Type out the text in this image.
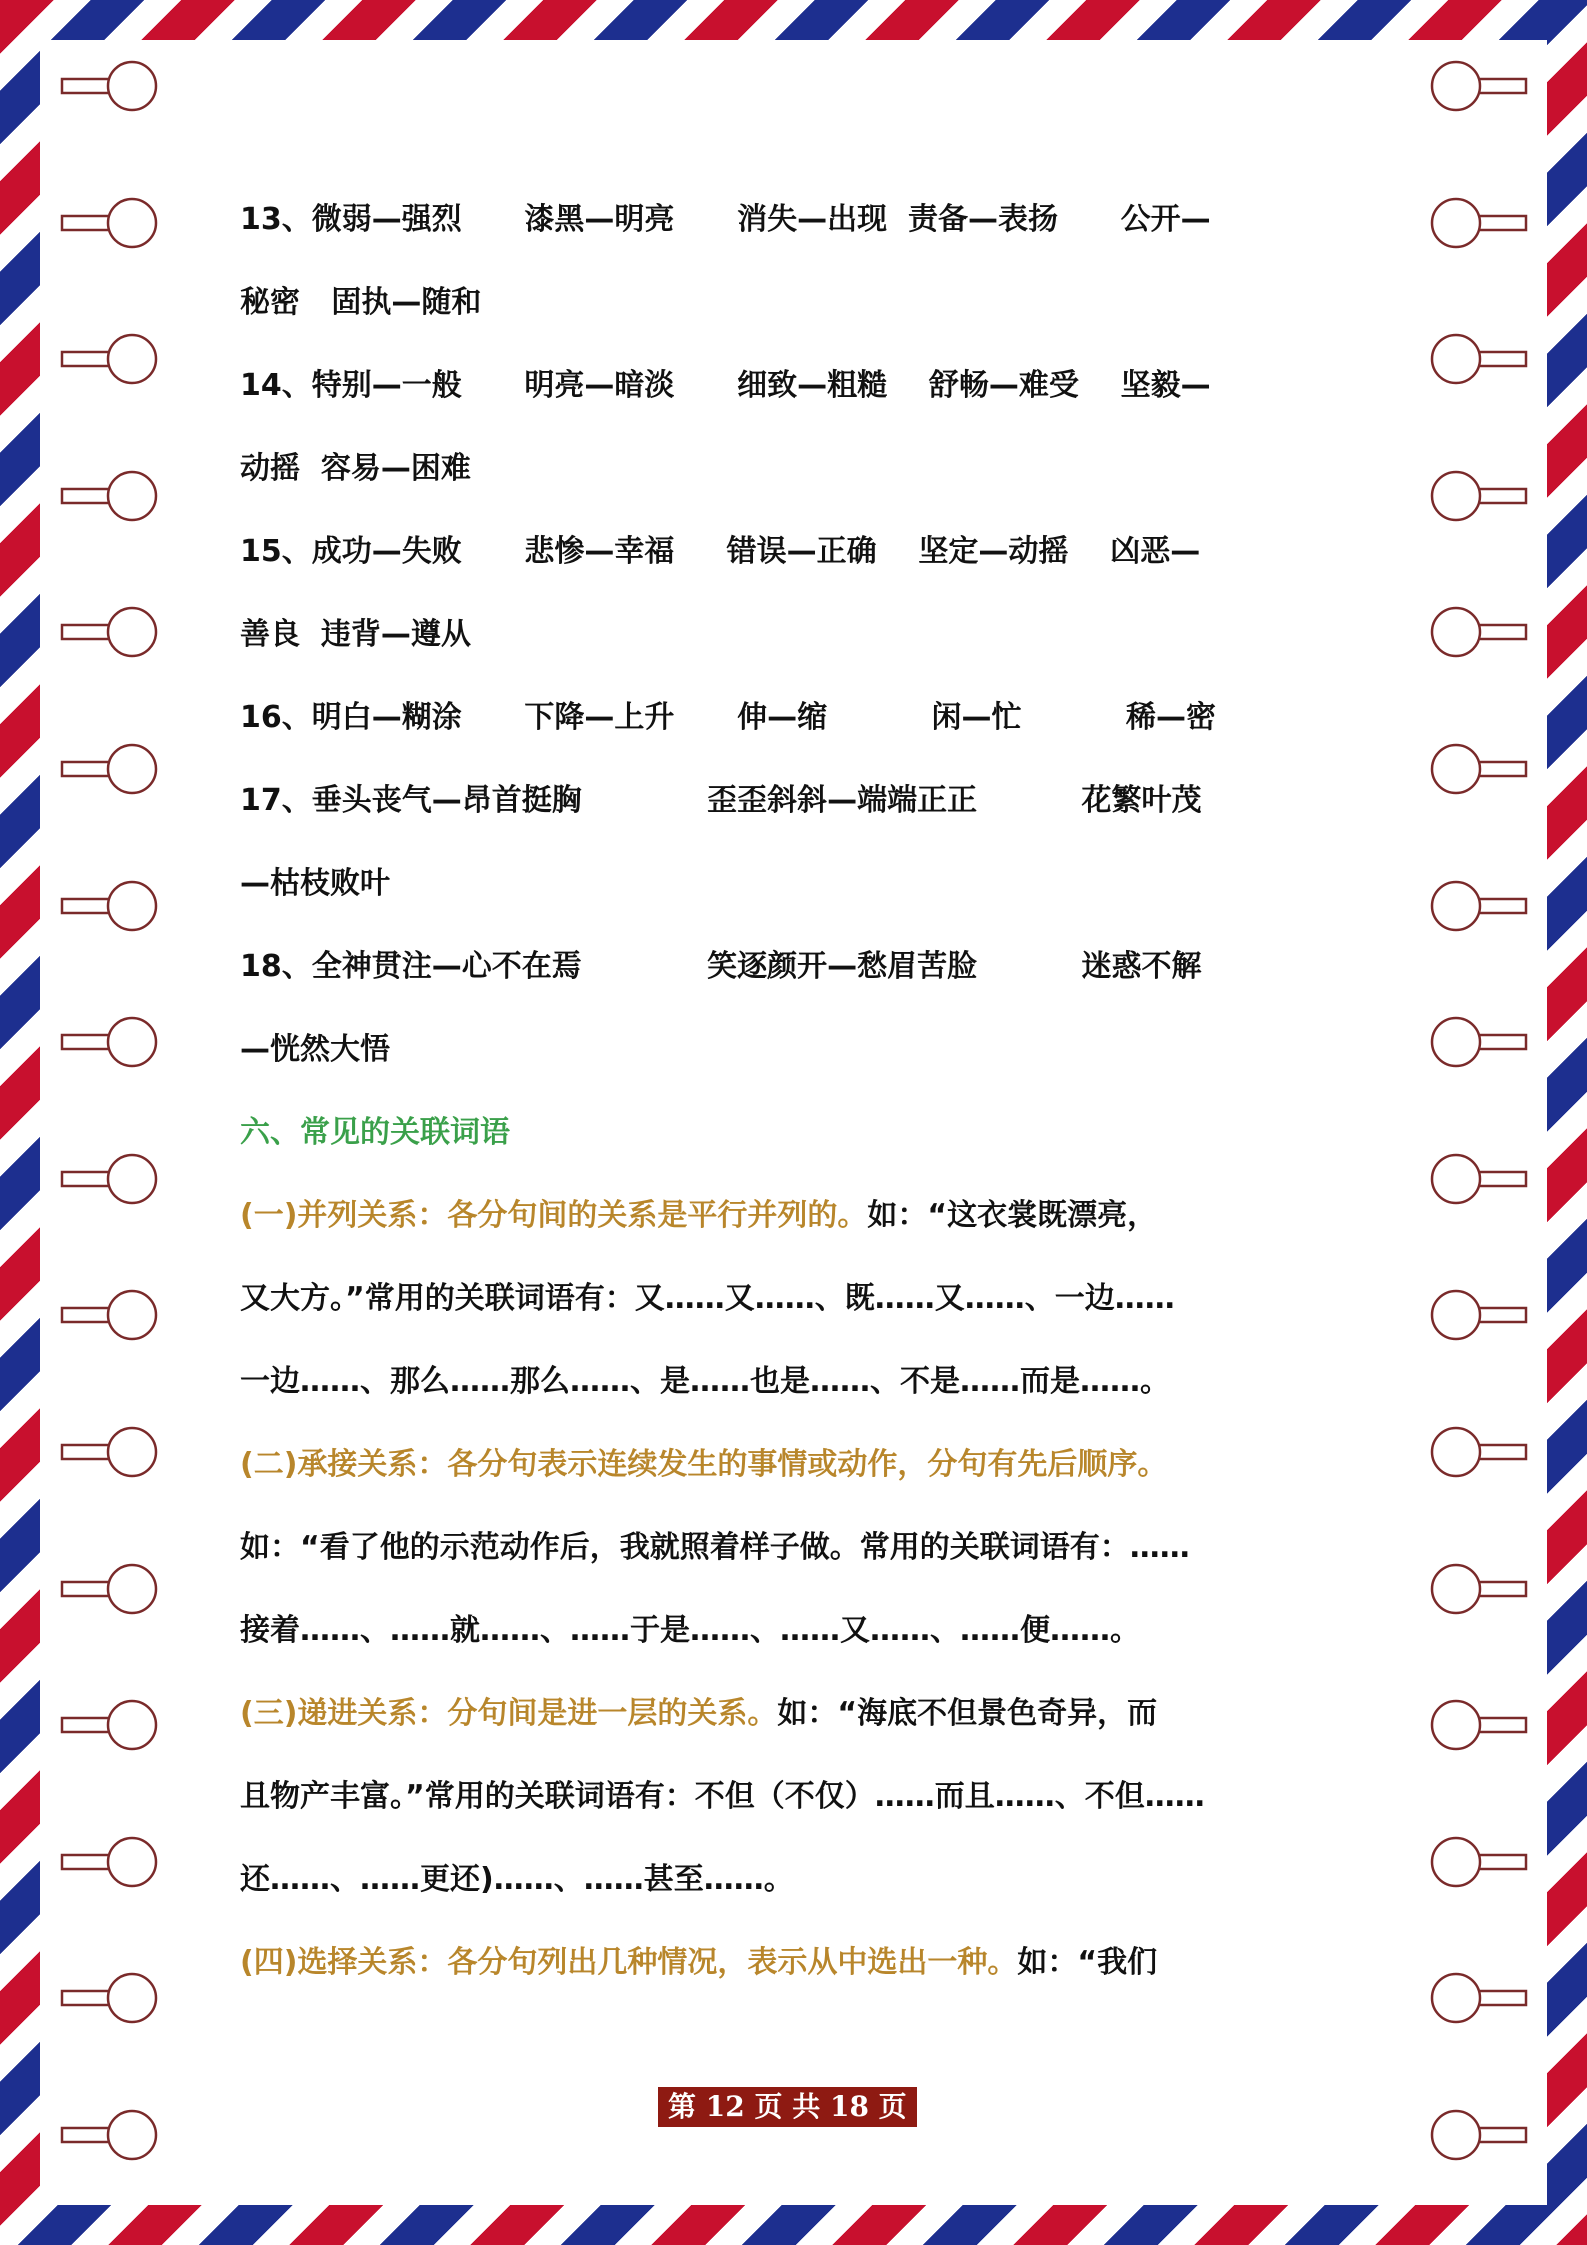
13、微弱—强烈      漆黑—明亮      消失—出现  责备—表扬      公开—
秘密   固执—随和
14、特别—一般      明亮—暗淡      细致—粗糙    舒畅—难受    坚毅—
动摇  容易—困难
15、成功—失败      悲惨—幸福     错误—正确    坚定—动摇    凶恶—
善良  违背—遵从
16、明白—糊涂      下降—上升      伸—缩          闲—忙          稀—密
17、垂头丧气—昂首挺胸            歪歪斜斜—端端正正          花繁叶茂
—枯枝败叶
18、全神贯注—心不在焉            笑逐颜开—愁眉苦脸          迷惑不解
—恍然大悟
六、常见的关联词语
(一)并列关系：各分句间的关系是平行并列的。如：“这衣裳既漂亮，
又大方。”常用的关联词语有：又……又……、既……又……、一边……
一边……、那么……那么……、是……也是……、不是……而是……。
(二)承接关系：各分句表示连续发生的事情或动作，分句有先后顺序。
如：“看了他的示范动作后，我就照着样子做。常用的关联词语有：……
接着……、……就……、……于是……、……又……、……便……。
(三)递进关系：分句间是进一层的关系。如：“海底不但景色奇异，而
且物产丰富。”常用的关联词语有：不但（不仅）……而且……、不但……
还……、……更还)……、……甚至……。
(四)选择关系：各分句列出几种情况，表示从中选出一种。如：“我们
第 12 页 共 18 页
